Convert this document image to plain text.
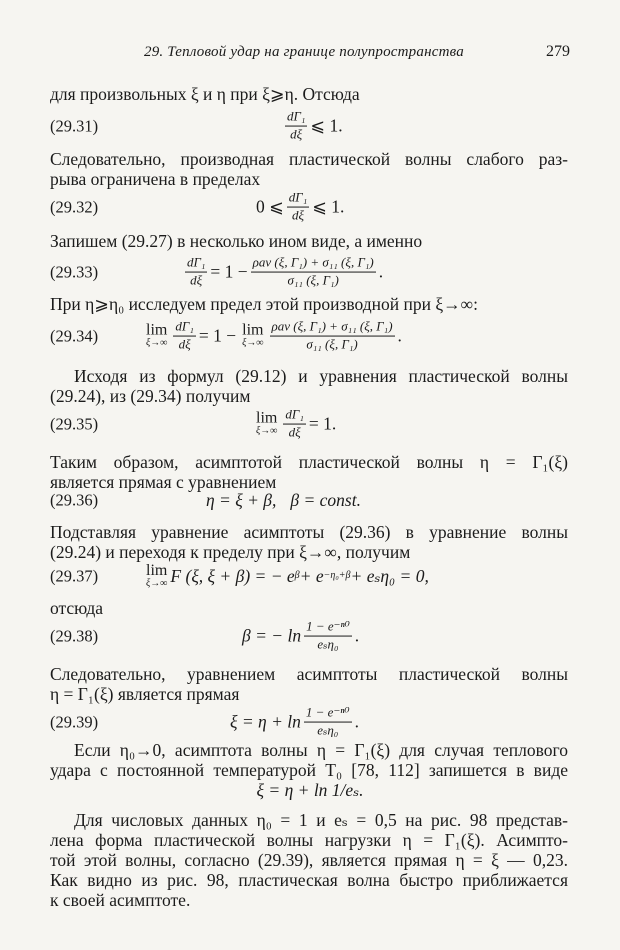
29. Тепловой удар на границе полупространства	279
для произвольных ξ и η при ξ⩾η. Отсюда
(29.31)	$\frac{\text{dΓ₁}}{d\xi}$ ⩽ 1.
Следовательно, производная пластической волны слабого раз-
рыва ограничена в пределах
(29.32)	0 ⩽ $\frac{\text{dΓ₁}}{d\xi}$ ⩽ 1.
Запишем (29.27) в несколько ином виде, а именно
(29.33)	$\frac{\text{dΓ₁}}{d\xi} = 1 - \frac{\text{ρav (ξ, Γ₁) + σ₁₁ (ξ, Γ₁)}}{\text{σ₁₁ (ξ, Γ₁)}}$ .
При η⩾η₀ исследуем предел этой производной при ξ→∞:
(29.34)	lim
$\xi\to\infty \frac{\text{dΓ₁}}{d\xi} = 1 - \lim$
$\xi\to\infty \frac{\text{ρav (ξ, Γ₁) + σ₁₁ (ξ, Γ₁)}}{\text{σ₁₁ (ξ, Γ₁)}}$ .
Исходя из формул (29.12) и уравнения пластической волны
(29.24), из (29.34) получим
(29.35)	lim
$\xi\to\infty \frac{\text{dΓ₁}}{d\xi} = 1$.
Таким образом, асимптотой пластической волны η = Γ₁(ξ)
является прямая с уравнением
(29.36)	η = ξ + β, β = const.
Подставляя уравнение асимптоты (29.36) в уравнение волны
(29.24) и переходя к пределу при ξ→∞, получим
(29.37)	lim
ξ→∞ F (ξ, ξ + β) = − e β + e −η₀+β + eₛη₀ = 0,
отсюда
(29.38)	β = − $\ln \frac{\text{1 − e⁻ⁿ⁰}}{\text{eₛη₀}}$ .
Следовательно, уравнением асимптоты пластической волны
η = Γ₁(ξ) является прямая
(29.39)	$\xi = \eta + \ln \frac{\text{1 − e⁻ⁿ⁰}}{\text{eₛη₀}}$ .
Если η₀→0, асимптота волны η = Γ₁(ξ) для случая теплового
удара с постоянной температурой T₀ [78, 112] запишется в виде
ξ = η + ln 1/eₛ.
Для числовых данных η₀ = 1 и eₛ = 0,5 на рис. 98 представ-
лена форма пластической волны нагрузки η = Γ₁(ξ). Асимпто-
той этой волны, согласно (29.39), является прямая η = ξ — 0,23.
Как видно из рис. 98, пластическая волна быстро приближается
к своей асимптоте.
